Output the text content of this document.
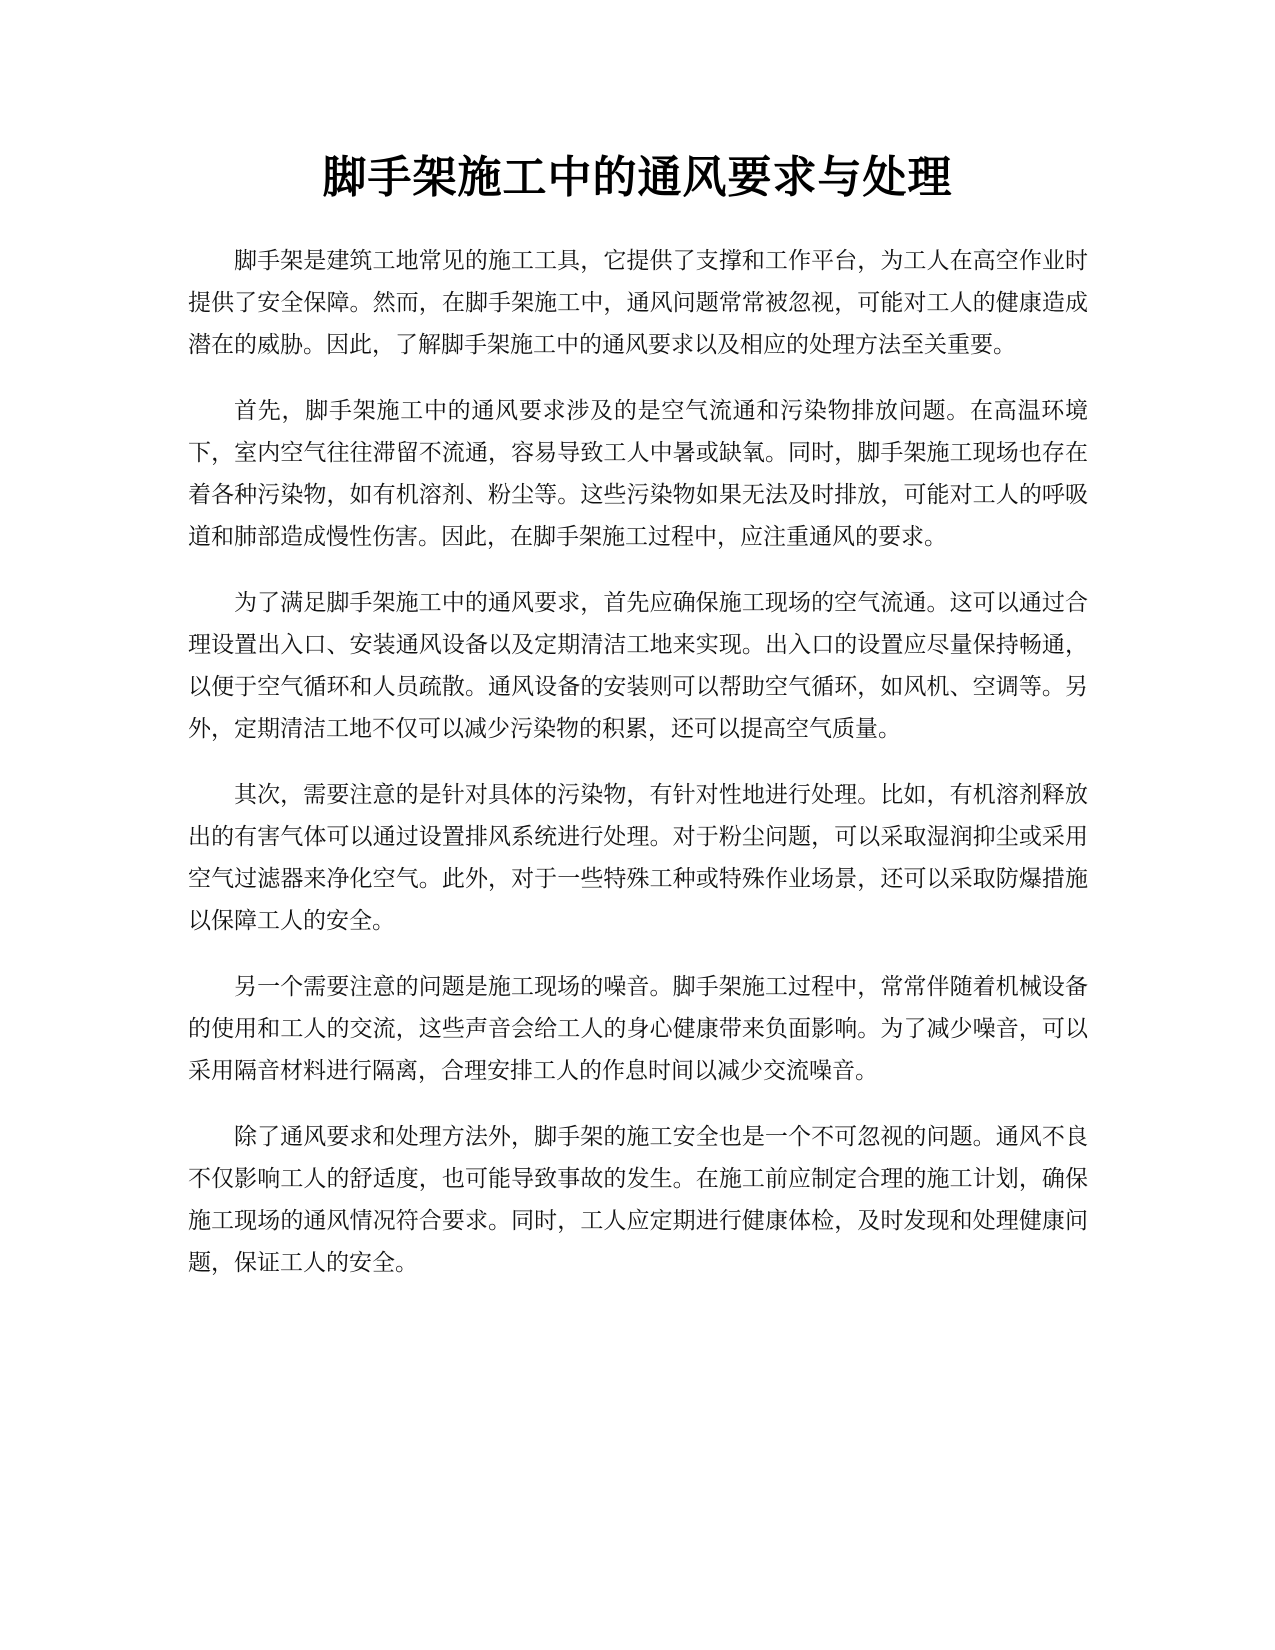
脚手架施工中的通风要求与处理

脚手架是建筑工地常见的施工工具，它提供了支撑和工作平台，为工人在高空作业时提供了安全保障。然而，在脚手架施工中，通风问题常常被忽视，可能对工人的健康造成潜在的威胁。因此，了解脚手架施工中的通风要求以及相应的处理方法至关重要。

首先，脚手架施工中的通风要求涉及的是空气流通和污染物排放问题。在高温环境下，室内空气往往滞留不流通，容易导致工人中暑或缺氧。同时，脚手架施工现场也存在着各种污染物，如有机溶剂、粉尘等。这些污染物如果无法及时排放，可能对工人的呼吸道和肺部造成慢性伤害。因此，在脚手架施工过程中，应注重通风的要求。

为了满足脚手架施工中的通风要求，首先应确保施工现场的空气流通。这可以通过合理设置出入口、安装通风设备以及定期清洁工地来实现。出入口的设置应尽量保持畅通，以便于空气循环和人员疏散。通风设备的安装则可以帮助空气循环，如风机、空调等。另外，定期清洁工地不仅可以减少污染物的积累，还可以提高空气质量。

其次，需要注意的是针对具体的污染物，有针对性地进行处理。比如，有机溶剂释放出的有害气体可以通过设置排风系统进行处理。对于粉尘问题，可以采取湿润抑尘或采用空气过滤器来净化空气。此外，对于一些特殊工种或特殊作业场景，还可以采取防爆措施以保障工人的安全。

另一个需要注意的问题是施工现场的噪音。脚手架施工过程中，常常伴随着机械设备的使用和工人的交流，这些声音会给工人的身心健康带来负面影响。为了减少噪音，可以采用隔音材料进行隔离，合理安排工人的作息时间以减少交流噪音。

除了通风要求和处理方法外，脚手架的施工安全也是一个不可忽视的问题。通风不良不仅影响工人的舒适度，也可能导致事故的发生。在施工前应制定合理的施工计划，确保施工现场的通风情况符合要求。同时，工人应定期进行健康体检，及时发现和处理健康问题，保证工人的安全。
